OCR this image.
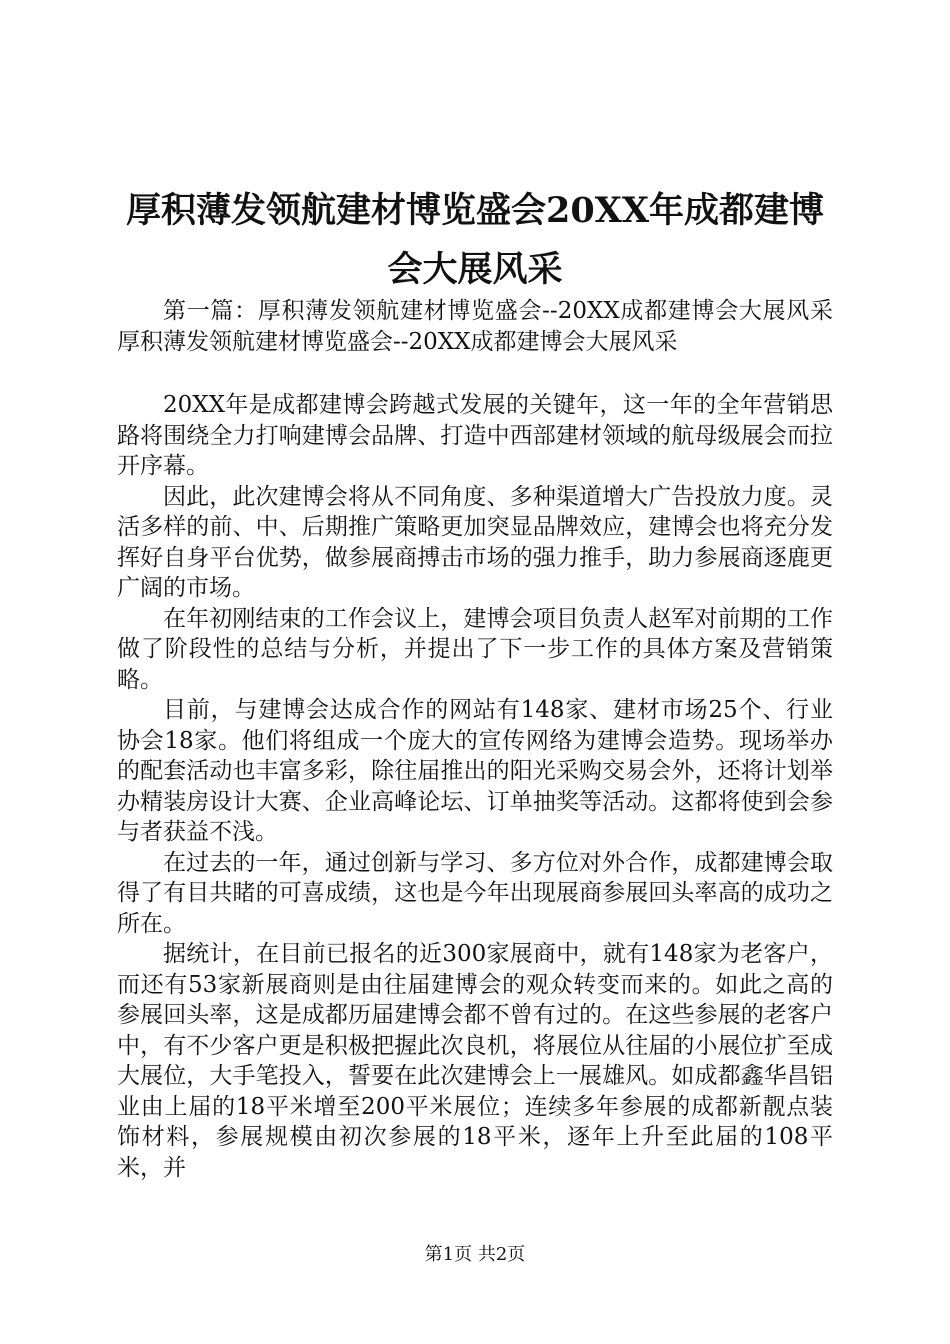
厚积薄发领航建材博览盛会20XX年成都建博
会大展风采

第一篇：厚积薄发领航建材博览盛会--20XX成都建博会大展风采厚积薄发领航建材博览盛会--20XX成都建博会大展风采

20XX年是成都建博会跨越式发展的关键年，这一年的全年营销思路将围绕全力打响建博会品牌、打造中西部建材领域的航母级展会而拉开序幕。

因此，此次建博会将从不同角度、多种渠道增大广告投放力度。灵活多样的前、中、后期推广策略更加突显品牌效应，建博会也将充分发挥好自身平台优势，做参展商搏击市场的强力推手，助力参展商逐鹿更广阔的市场。

在年初刚结束的工作会议上，建博会项目负责人赵军对前期的工作做了阶段性的总结与分析，并提出了下一步工作的具体方案及营销策略。

目前，与建博会达成合作的网站有148家、建材市场25个、行业协会18家。他们将组成一个庞大的宣传网络为建博会造势。现场举办的配套活动也丰富多彩，除往届推出的阳光采购交易会外，还将计划举办精装房设计大赛、企业高峰论坛、订单抽奖等活动。这都将使到会参与者获益不浅。

在过去的一年，通过创新与学习、多方位对外合作，成都建博会取得了有目共睹的可喜成绩，这也是今年出现展商参展回头率高的成功之所在。

据统计，在目前已报名的近300家展商中，就有148家为老客户，而还有53家新展商则是由往届建博会的观众转变而来的。如此之高的参展回头率，这是成都历届建博会都不曾有过的。在这些参展的老客户中，有不少客户更是积极把握此次良机，将展位从往届的小展位扩至成大展位，大手笔投入，誓要在此次建博会上一展雄风。如成都鑫华昌铝业由上届的18平米增至200平米展位；连续多年参展的成都新靓点装饰材料，参展规模由初次参展的18平米，逐年上升至此届的108平米，并

第1页 共2页
